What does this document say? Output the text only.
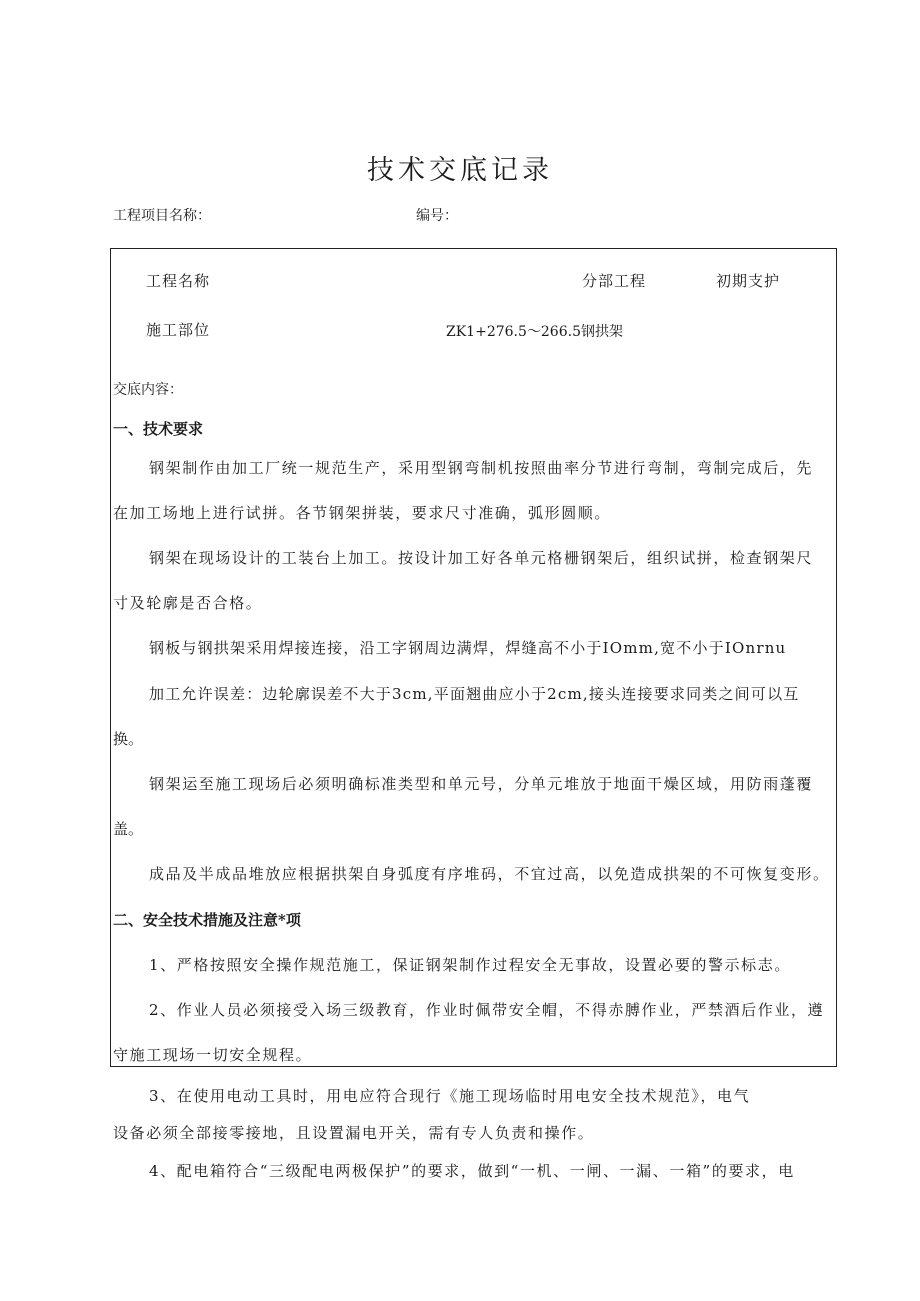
技术交底记录
工程项目名称：	编号：
工程名称	分部工程	初期支护
施工部位	ZK1+276.5～266.5钢拱架
交底内容：
一、技术要求
钢架制作由加工厂统一规范生产，采用型钢弯制机按照曲率分节进行弯制，弯制完成后，先
在加工场地上进行试拼。各节钢架拼装，要求尺寸准确，弧形圆顺。
钢架在现场设计的工装台上加工。按设计加工好各单元格栅钢架后，组织试拼，检查钢架尺
寸及轮廓是否合格。
钢板与钢拱架采用焊接连接，沿工字钢周边满焊，焊缝高不小于IOmm,宽不小于IOnrnu
加工允许误差：边轮廓误差不大于3cm,平面翘曲应小于2cm,接头连接要求同类之间可以互
换。
钢架运至施工现场后必须明确标准类型和单元号，分单元堆放于地面干燥区域，用防雨蓬覆
盖。
成品及半成品堆放应根据拱架自身弧度有序堆码，不宜过高，以免造成拱架的不可恢复变形。
二、安全技术措施及注意*项
1、严格按照安全操作规范施工，保证钢架制作过程安全无事故，设置必要的警示标志。
2、作业人员必须接受入场三级教育，作业时佩带安全帽，不得赤膊作业，严禁酒后作业，遵
守施工现场一切安全规程。
3、在使用电动工具时，用电应符合现行《施工现场临时用电安全技术规范》，电气
设备必须全部接零接地，且设置漏电开关，需有专人负责和操作。
4、配电箱符合“三级配电两极保护”的要求，做到“一机、一闸、一漏、一箱”的要求，电
